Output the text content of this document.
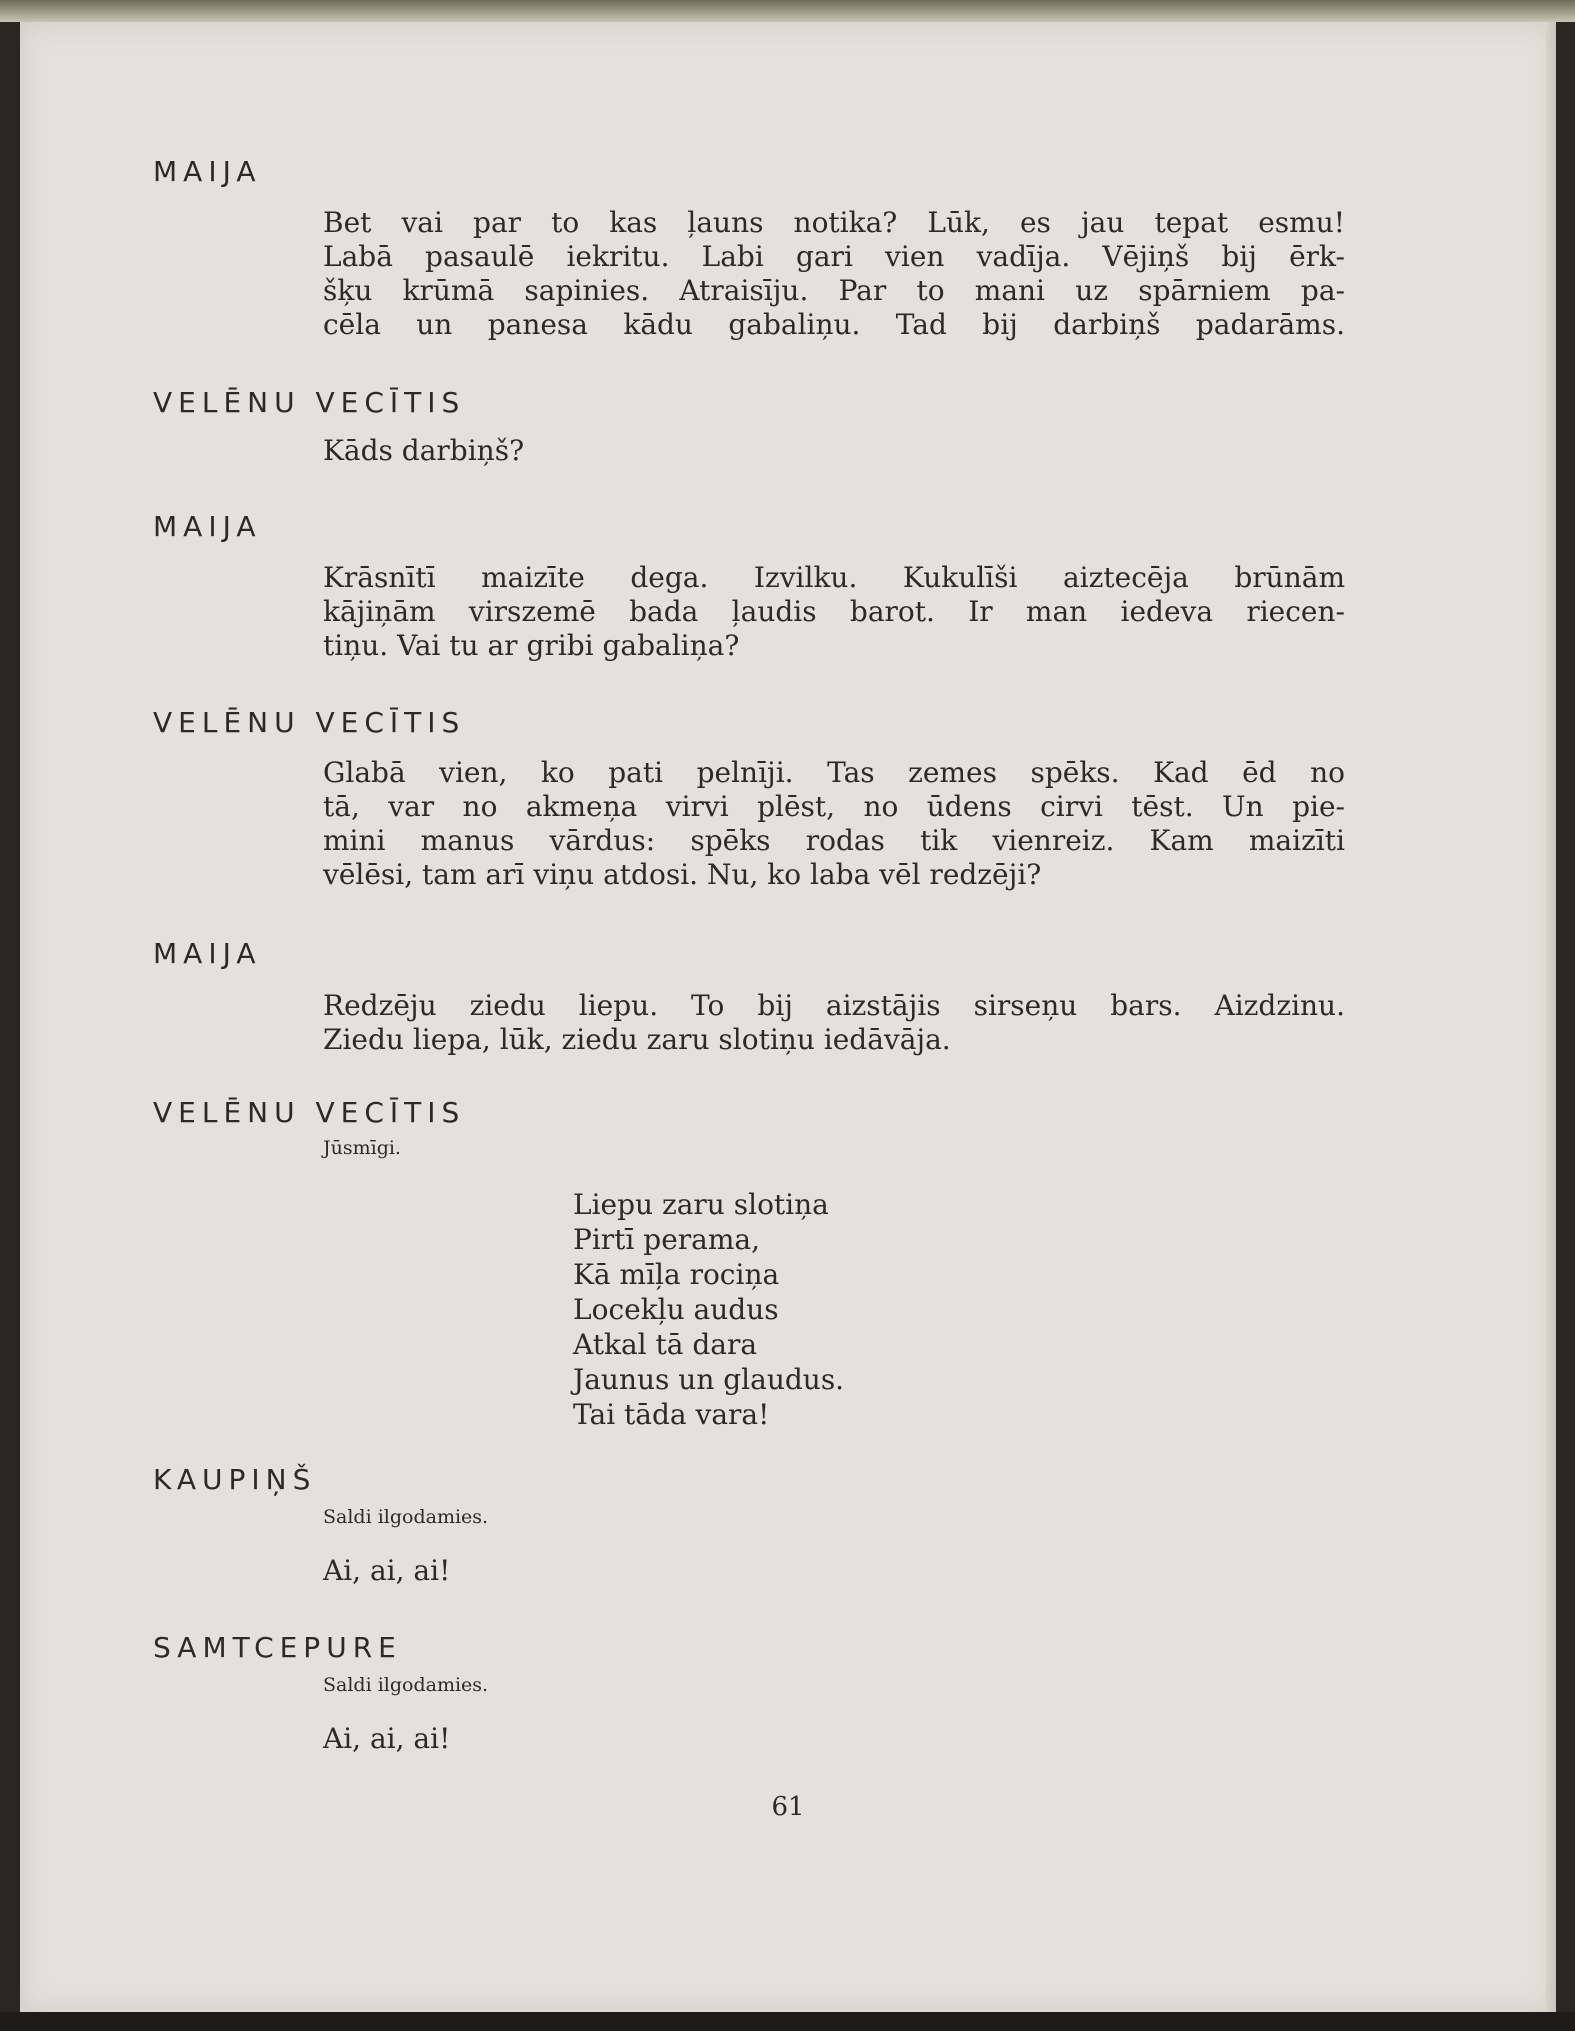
MAIJA
Bet vai par to kas ļauns notika? Lūk, es jau tepat esmu!
Labā pasaulē iekritu. Labi gari vien vadīja. Vējiņš bij ērk-
šķu krūmā sapinies. Atraisīju. Par to mani uz spārniem pa-
cēla un panesa kādu gabaliņu. Tad bij darbiņš padarāms.
VELĒNU VECĪTIS
Kāds darbiņš?
MAIJA
Krāsnītī maizīte dega. Izvilku. Kukulīši aiztecēja brūnām
kājiņām virszemē bada ļaudis barot. Ir man iedeva riecen-
tiņu. Vai tu ar gribi gabaliņa?
VELĒNU VECĪTIS
Glabā vien, ko pati pelnīji. Tas zemes spēks. Kad ēd no
tā, var no akmeņa virvi plēst, no ūdens cirvi tēst. Un pie-
mini manus vārdus: spēks rodas tik vienreiz. Kam maizīti
vēlēsi, tam arī viņu atdosi. Nu, ko laba vēl redzēji?
MAIJA
Redzēju ziedu liepu. To bij aizstājis sirseņu bars. Aizdzinu.
Ziedu liepa, lūk, ziedu zaru slotiņu iedāvāja.
VELĒNU VECĪTIS
Jūsmīgi.
Liepu zaru slotiņa
Pirtī perama,
Kā mīļa rociņa
Locekļu audus
Atkal tā dara
Jaunus un glaudus.
Tai tāda vara!
KAUPIŅŠ
Saldi ilgodamies.
Ai, ai, ai!
SAMTCEPURE
Saldi ilgodamies.
Ai, ai, ai!
61
